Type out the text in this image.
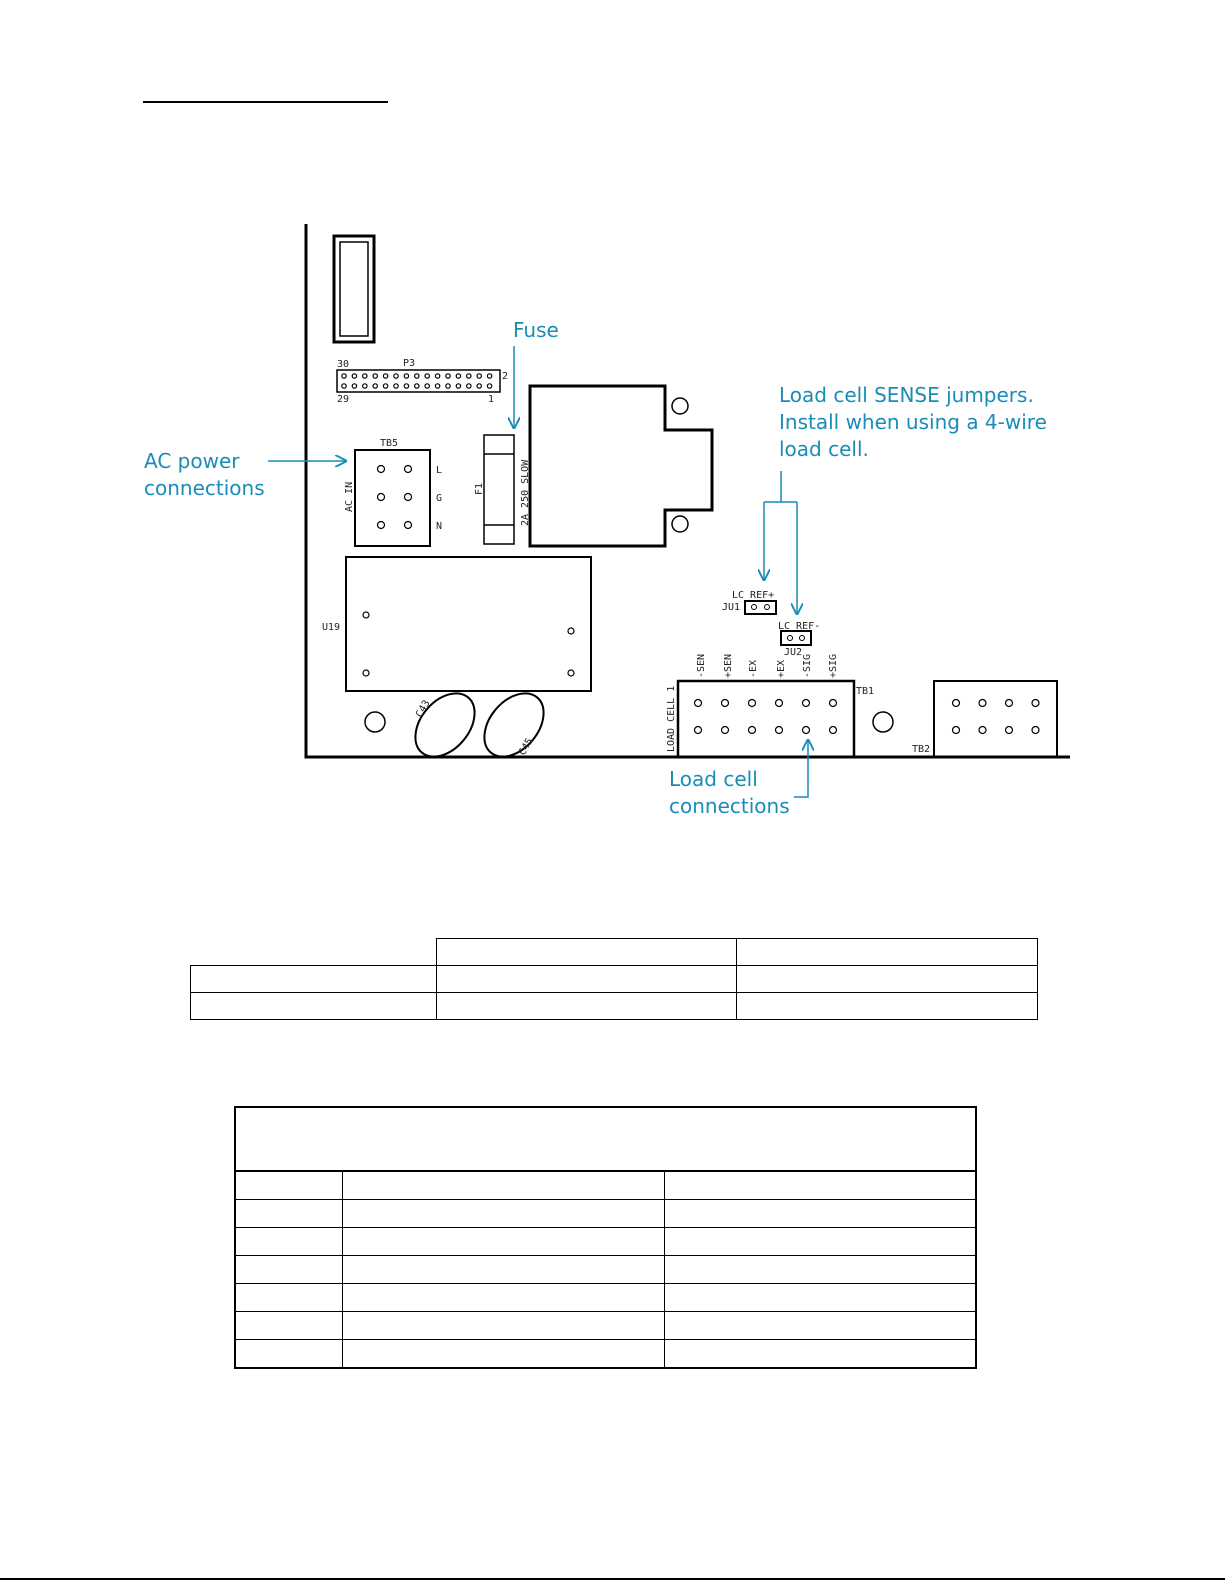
30	P3
29
2
1
TB5
AC IN
L
G
N
F1	2A 250 SLOW
U19
C43
C45
LC_REF+
JU1
LC_REF-
JU2
LOAD CELL 1	TB1
-SEN +SEN -EX +EX -SIG +SIG
TB2
Fuse
AC power
connections
Load cell SENSE jumpers.
Install when using a 4-wire
load cell.
Load cell
connections
